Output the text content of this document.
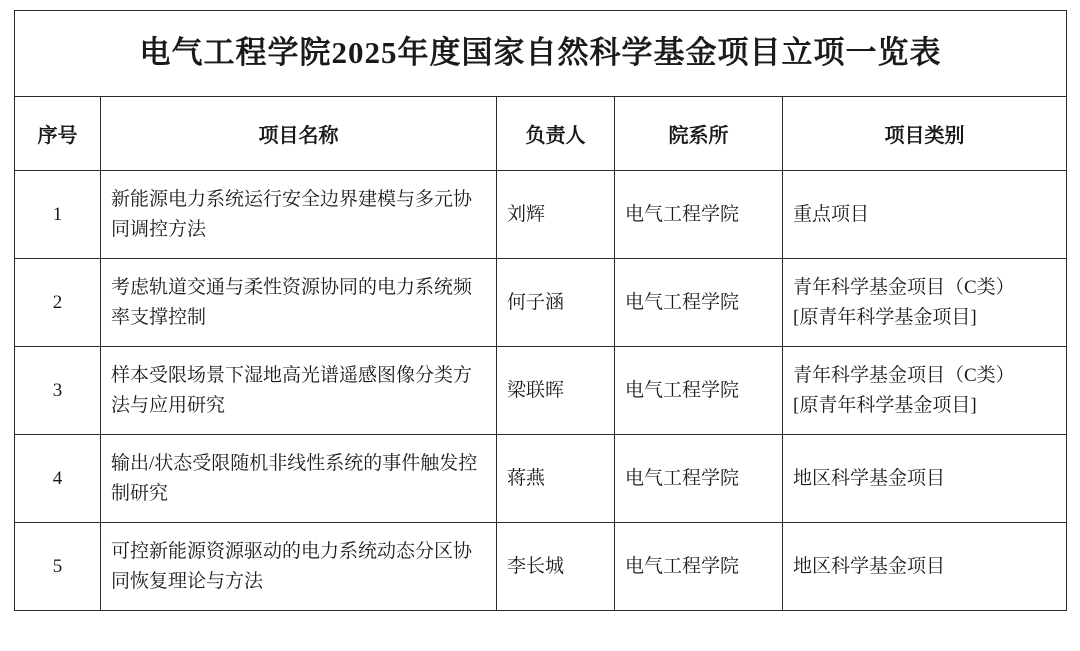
电气工程学院2025年度国家自然科学基金项目立项一览表				
序号	项目名称	负责人	院系所	项目类别
1	新能源电力系统运行安全边界建模与多元协同调控方法	刘辉	电气工程学院	重点项目

2	考虑轨道交通与柔性资源协同的电力系统频率支撑控制	何子涵	电气工程学院	青年科学基金项目（C类）
[原青年科学基金项目]

3	样本受限场景下湿地高光谱遥感图像分类方法与应用研究	梁联晖	电气工程学院	青年科学基金项目（C类）
[原青年科学基金项目]

4	输出/状态受限随机非线性系统的事件触发控制研究	蒋燕	电气工程学院	地区科学基金项目

5	可控新能源资源驱动的电力系统动态分区协同恢复理论与方法	李长城	电气工程学院	地区科学基金项目
